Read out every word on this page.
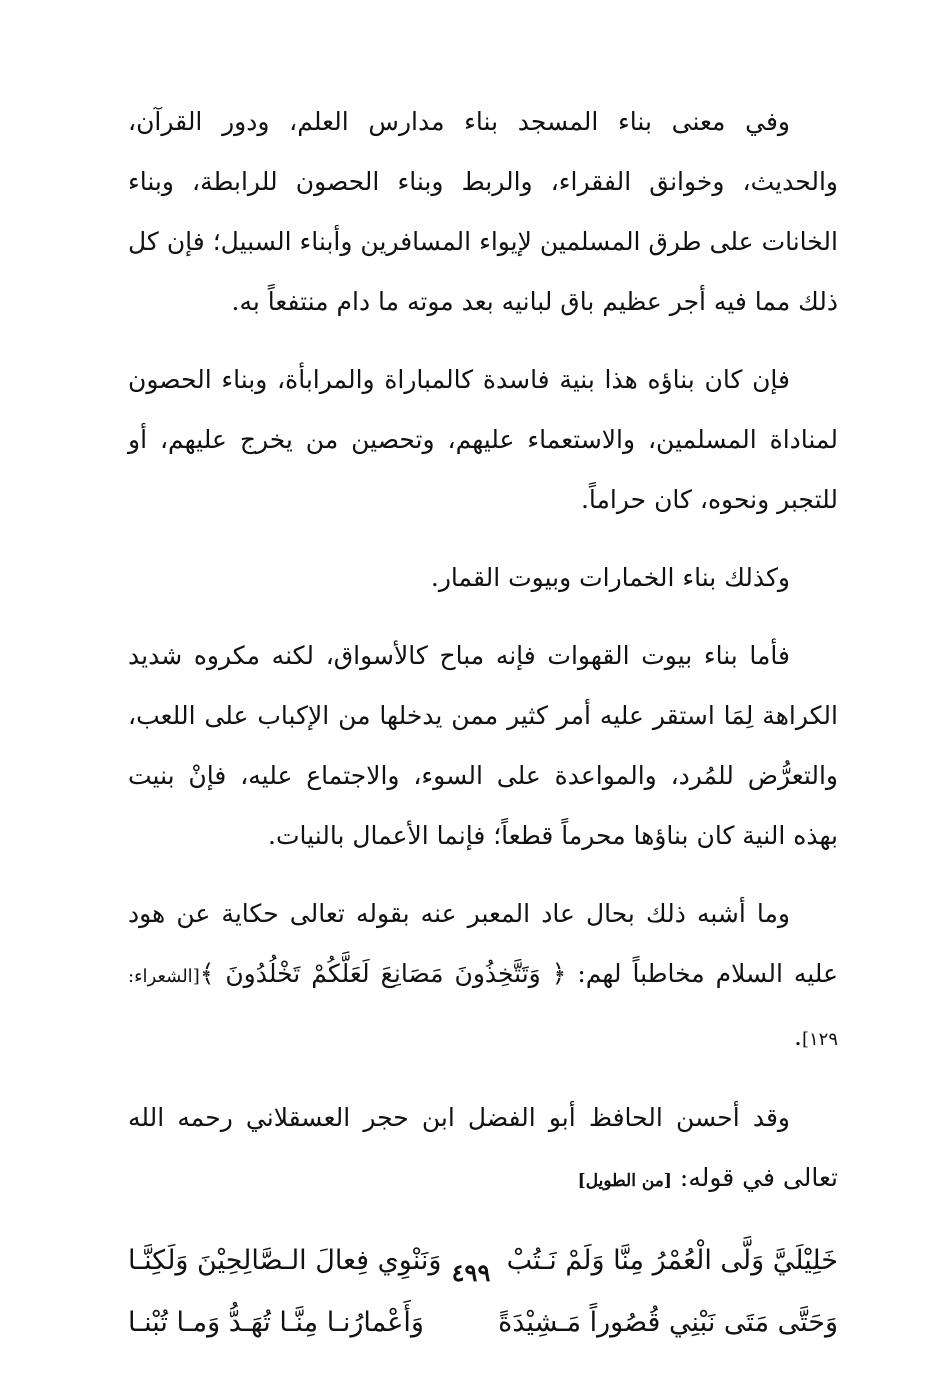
وفي معنى بناء المسجد بناء مدارس العلم، ودور القرآن، والحديث، وخوانق الفقراء، والربط وبناء الحصون للرابطة، وبناء الخانات على طرق المسلمين لإيواء المسافرين وأبناء السبيل؛ فإن كل ذلك مما فيه أجر عظيم باق لبانيه بعد موته ما دام منتفعاً به.

فإن كان بناؤه هذا بنية فاسدة كالمباراة والمرابأة، وبناء الحصون لمناداة المسلمين، والاستعماء عليهم، وتحصين من يخرج عليهم، أو للتجبر ونحوه، كان حراماً.

وكذلك بناء الخمارات وبيوت القمار.

فأما بناء بيوت القهوات فإنه مباح كالأسواق، لكنه مكروه شديد الكراهة لِمَا استقر عليه أمر كثير ممن يدخلها من الإكباب على اللعب، والتعرُّض للمُرد، والمواعدة على السوء، والاجتماع عليه، فإنْ بنيت بهذه النية كان بناؤها محرماً قطعاً؛ فإنما الأعمال بالنيات.

وما أشبه ذلك بحال عاد المعبر عنه بقوله تعالى حكاية عن هود عليه السلام مخاطباً لهم: ﴿ وَتَتَّخِذُونَ مَصَانِعَ لَعَلَّكُمْ تَخْلُدُونَ ﴾[الشعراء: ١٢٩].

وقد أحسن الحافظ أبو الفضل ابن حجر العسقلاني رحمه الله تعالى في قوله: [من الطويل]

خَلِيْلَيَّ وَلَّى الْعُمْرُ مِنَّا وَلَمْ نَـتُبْ
وَنَنْوِي فِعالَ الـصَّالِحِيْنَ وَلَكِنَّـا
وَحَتَّى مَتَى نَبْنِي قُصُوراً مَـشِيْدَةً
وَأَعْمارُنـا مِنَّـا تُهَـدُّ وَمـا تُبْنـا
٤٩٩
